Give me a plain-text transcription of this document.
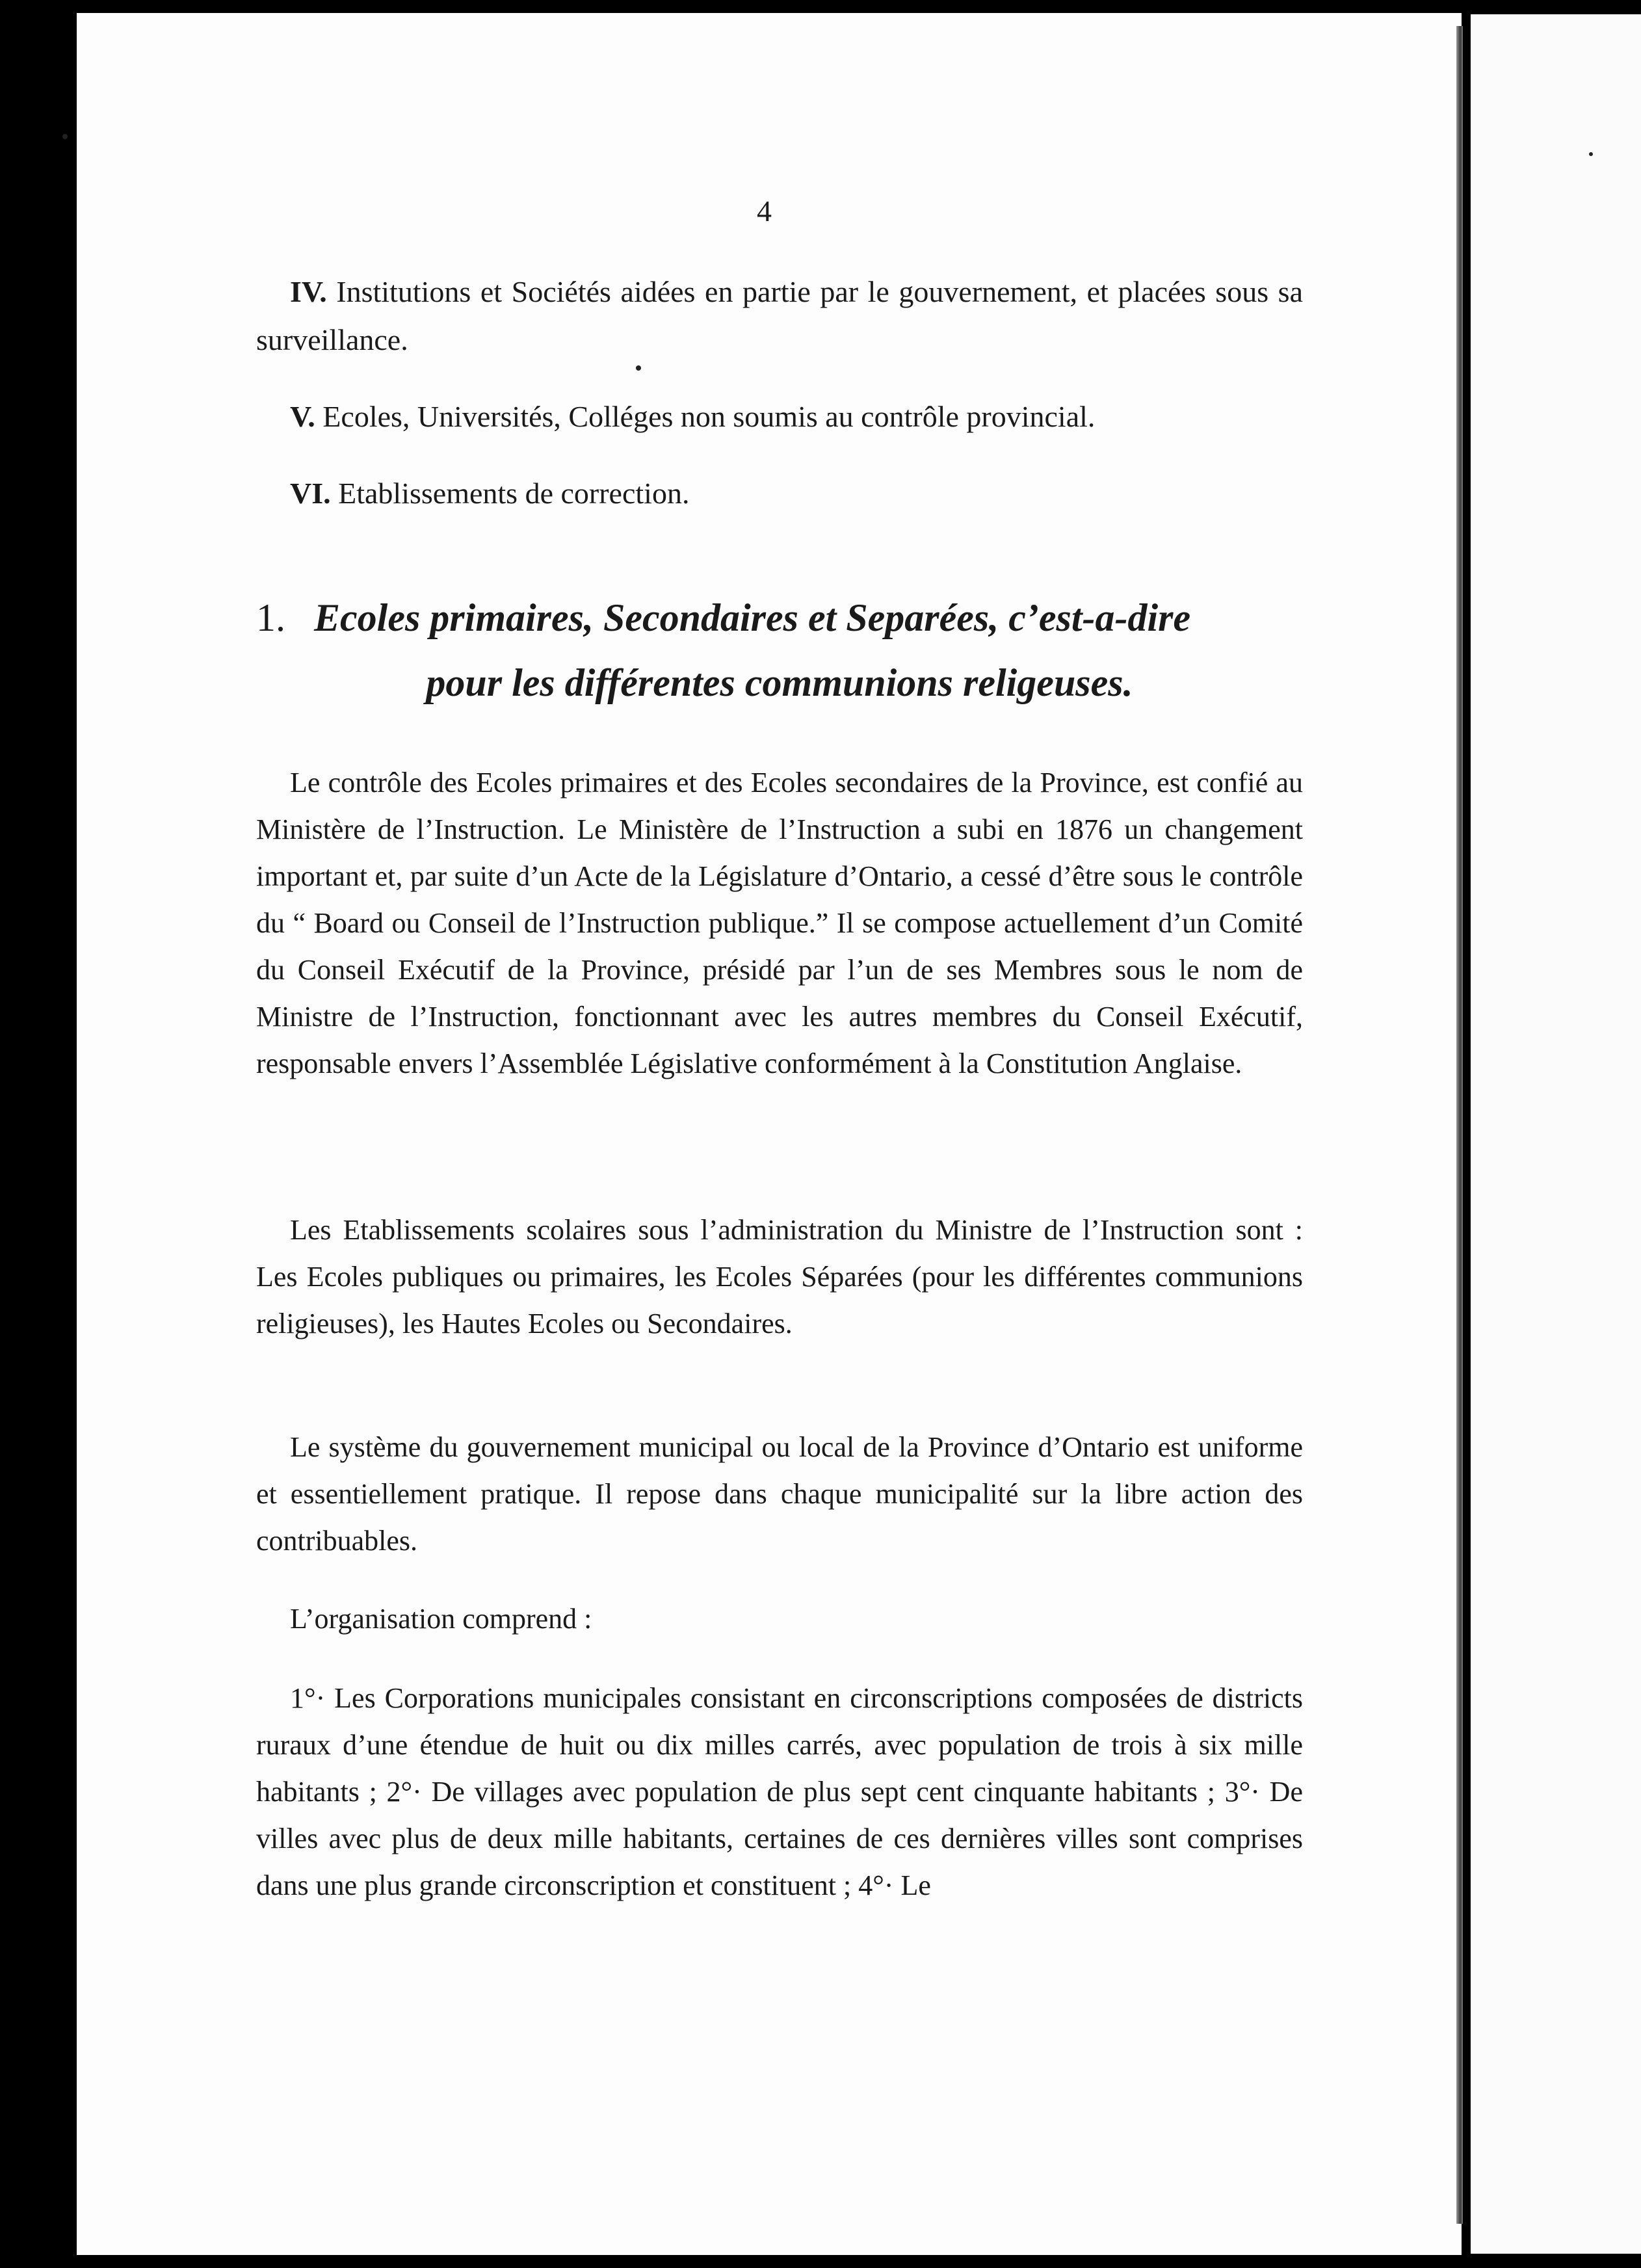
4

IV. Institutions et Sociétés aidées en partie par le gouvernement, et placées sous sa surveillance.

V. Ecoles, Universités, Colléges non soumis au contrôle provincial.

VI. Etablissements de correction.

1. Ecoles primaires, Secondaires et Separées, c’est-a-dire
pour les différentes communions religeuses.

Le contrôle des Ecoles primaires et des Ecoles secondaires de la Province, est confié au Ministère de l’Instruction. Le Ministère de l’Instruction a subi en 1876 un changement important et, par suite d’un Acte de la Législature d’Ontario, a cessé d’être sous le contrôle du “ Board ou Conseil de l’Instruction publique.” Il se compose actuellement d’un Comité du Conseil Exécutif de la Province, présidé par l’un de ses Membres sous le nom de Ministre de l’Instruction, fonctionnant avec les autres membres du Conseil Exécutif, responsable envers l’Assemblée Législative conformément à la Constitution Anglaise.

Les Etablissements scolaires sous l’administration du Ministre de l’Instruction sont : Les Ecoles publiques ou primaires, les Ecoles Séparées (pour les différentes communions religieuses), les Hautes Ecoles ou Secondaires.

Le système du gouvernement municipal ou local de la Province d’Ontario est uniforme et essentiellement pratique. Il repose dans chaque municipalité sur la libre action des contribuables.

L’organisation comprend :

1°· Les Corporations municipales consistant en circonscriptions composées de districts ruraux d’une étendue de huit ou dix milles carrés, avec population de trois à six mille habitants ; 2°· De villages avec population de plus sept cent cinquante habitants ; 3°· De villes avec plus de deux mille habitants, certaines de ces dernières villes sont comprises dans une plus grande circonscription et constituent ; 4°· Le
